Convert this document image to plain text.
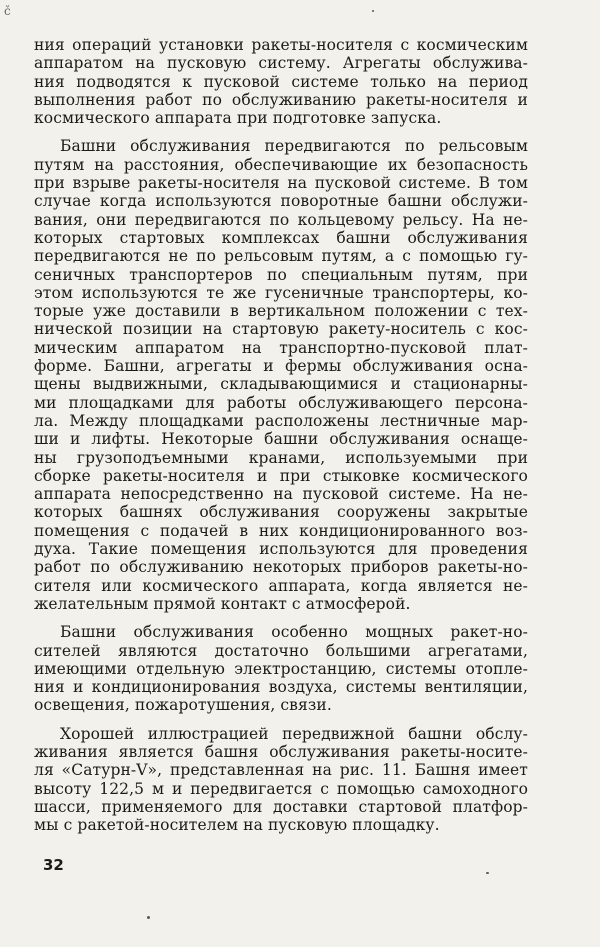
č
ния операций установки ракеты-носителя с космическим
аппаратом на пусковую систему. Агрегаты обслужива-
ния подводятся к пусковой системе только на период
выполнения работ по обслуживанию ракеты-носителя и
космического аппарата при подготовке запуска.
Башни обслуживания передвигаются по рельсовым
путям на расстояния, обеспечивающие их безопасность
при взрыве ракеты-носителя на пусковой системе. В том
случае когда используются поворотные башни обслужи-
вания, они передвигаются по кольцевому рельсу. На не-
которых стартовых комплексах башни обслуживания
передвигаются не по рельсовым путям, а с помощью гу-
сеничных транспортеров по специальным путям, при
этом используются те же гусеничные транспортеры, ко-
торые уже доставили в вертикальном положении с тех-
нической позиции на стартовую ракету-носитель с кос-
мическим аппаратом на транспортно-пусковой плат-
форме. Башни, агрегаты и фермы обслуживания осна-
щены выдвижными, складывающимися и стационарны-
ми площадками для работы обслуживающего персона-
ла. Между площадками расположены лестничные мар-
ши и лифты. Некоторые башни обслуживания оснаще-
ны грузоподъемными кранами, используемыми при
сборке ракеты-носителя и при стыковке космического
аппарата непосредственно на пусковой системе. На не-
которых башнях обслуживания сооружены закрытые
помещения с подачей в них кондиционированного воз-
духа. Такие помещения используются для проведения
работ по обслуживанию некоторых приборов ракеты-но-
сителя или космического аппарата, когда является не-
желательным прямой контакт с атмосферой.
Башни обслуживания особенно мощных ракет-но-
сителей являются достаточно большими агрегатами,
имеющими отдельную электростанцию, системы отопле-
ния и кондиционирования воздуха, системы вентиляции,
освещения, пожаротушения, связи.
Хорошей иллюстрацией передвижной башни обслу-
живания является башня обслуживания ракеты-носите-
ля «Сатурн-V», представленная на рис. 11. Башня имеет
высоту 122,5 м и передвигается с помощью самоходного
шасси, применяемого для доставки стартовой платфор-
мы с ракетой-носителем на пусковую площадку.
32
